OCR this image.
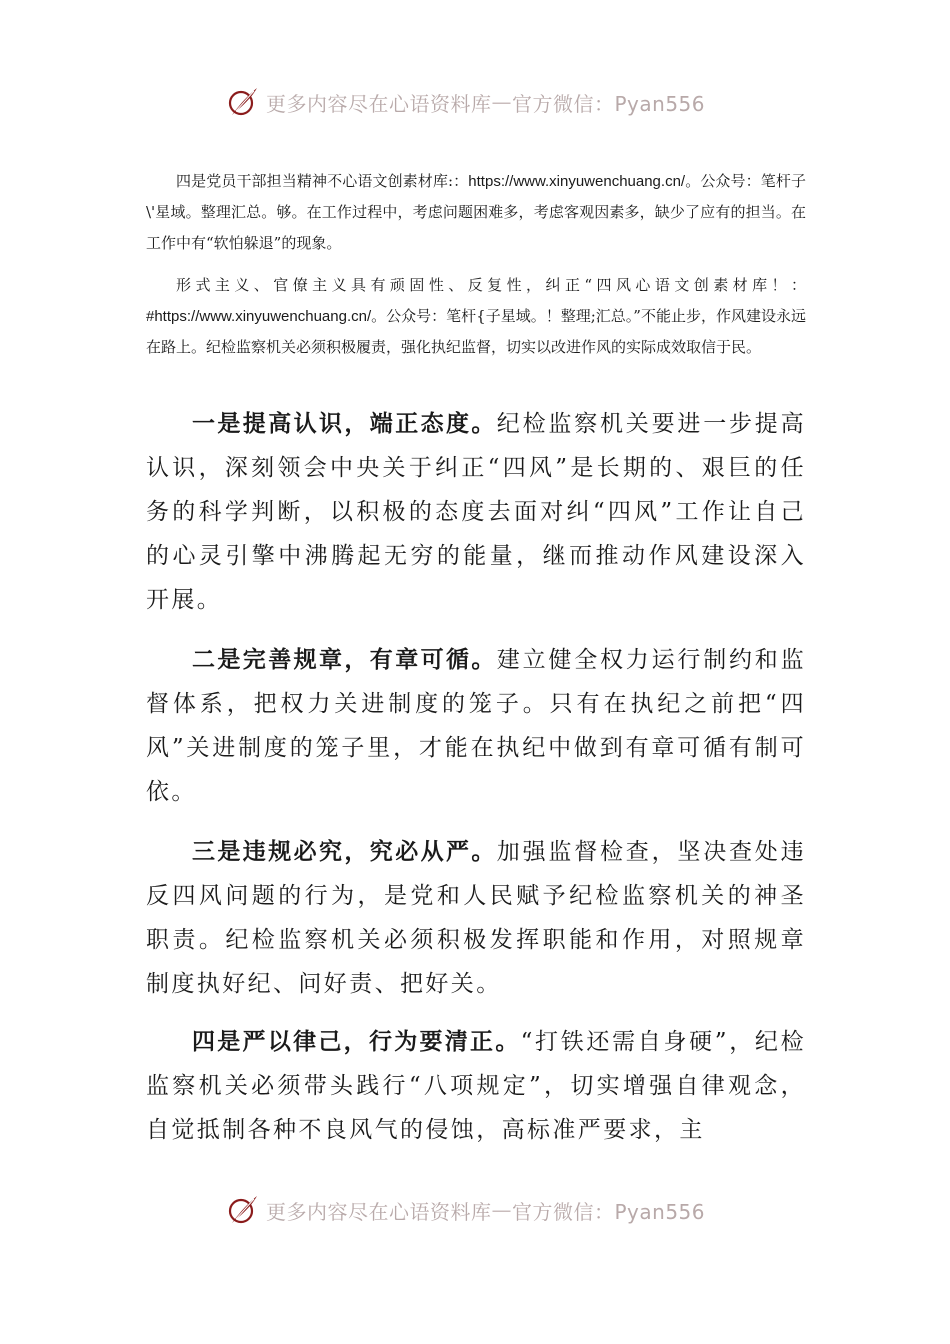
更多内容尽在心语资料库 — 官方微信：Pyan556

四是党员干部担当精神不心语文创素材库:：https://www.xinyuwenchuang.cn/。公众号：笔杆子\'星域。整理汇总。够。在工作过程中，考虑问题困难多，考虑客观因素多，缺少了应有的担当。在工作中有“软怕躲退”的现象。

形式主义、官僚主义具有顽固性、反复性，纠正“四风心语文创素材库！：#https://www.xinyuwenchuang.cn/。公众号：笔杆{子星域。！整理;汇总。”不能止步，作风建设永远在路上。纪检监察机关必须积极履责，强化执纪监督，切实以改进作风的实际成效取信于民。

一是提高认识，端正态度。纪检监察机关要进一步提高认识，深刻领会中央关于纠正“四风”是长期的、艰巨的任务的科学判断，以积极的态度去面对纠“四风”工作让自己的心灵引擎中沸腾起无穷的能量，继而推动作风建设深入开展。

二是完善规章，有章可循。建立健全权力运行制约和监督体系，把权力关进制度的笼子。只有在执纪之前把“四风”关进制度的笼子里，才能在执纪中做到有章可循有制可依。

三是违规必究，究必从严。加强监督检查，坚决查处违反四风问题的行为，是党和人民赋予纪检监察机关的神圣职责。纪检监察机关必须积极发挥职能和作用，对照规章制度执好纪、问好责、把好关。

四是严以律己，行为要清正。“打铁还需自身硬”，纪检监察机关必须带头践行“八项规定”，切实增强自律观念，自觉抵制各种不良风气的侵蚀，高标准严要求，主

更多内容尽在心语资料库 — 官方微信：Pyan556
